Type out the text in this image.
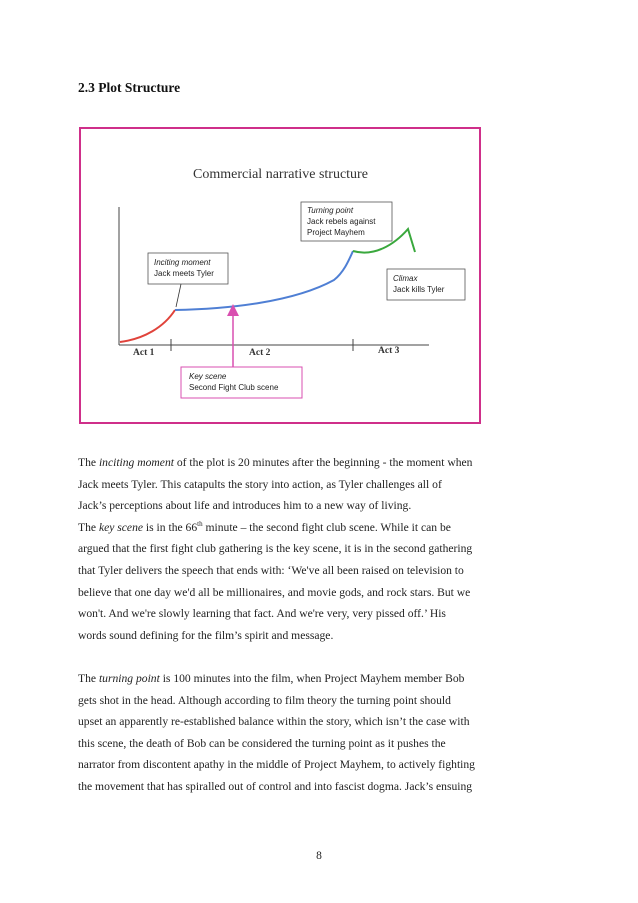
2.3 Plot Structure
Commercial narrative structure
Act 1	Act 2	Act 3
Inciting moment
Jack meets Tyler
Turning point
Jack rebels against
Project Mayhem
Climax
Jack kills Tyler
Key scene
Second Fight Club scene

The inciting moment of the plot is 20 minutes after the beginning - the moment when

Jack meets Tyler. This catapults the story into action, as Tyler challenges all of

Jack’s perceptions about life and introduces him to a new way of living.

The key scene is in the 66th minute – the second fight club scene. While it can be

argued that the first fight club gathering is the key scene, it is in the second gathering

that Tyler delivers the speech that ends with: ‘We've all been raised on television to

believe that one day we'd all be millionaires, and movie gods, and rock stars. But we

won't. And we're slowly learning that fact. And we're very, very pissed off.’ His

words sound defining for the film’s spirit and message.

The turning point is 100 minutes into the film, when Project Mayhem member Bob

gets shot in the head. Although according to film theory the turning point should

upset an apparently re-established balance within the story, which isn’t the case with

this scene, the death of Bob can be considered the turning point as it pushes the

narrator from discontent apathy in the middle of Project Mayhem, to actively fighting

the movement that has spiralled out of control and into fascist dogma. Jack’s ensuing

8
